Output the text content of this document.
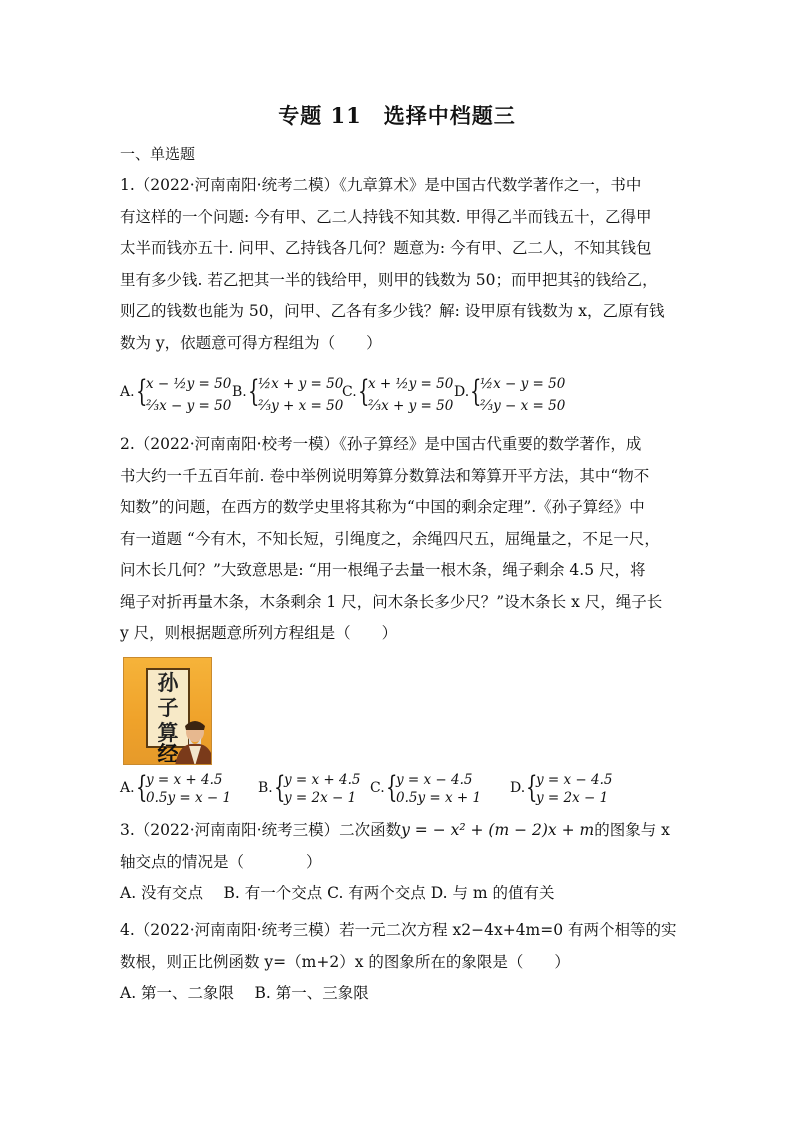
专题 11　选择中档题三
一、单选题
1.（2022·河南南阳·统考二模）《九章算术》是中国古代数学著作之一，书中
有这样的一个问题: 今有甲、乙二人持钱不知其数. 甲得乙半而钱五十，乙得甲
太半而钱亦五十. 问甲、乙持钱各几何？题意为: 今有甲、乙二人，不知其钱包
里有多少钱. 若乙把其一半的钱给甲，则甲的钱数为 50；而甲把其 $\frac{2}{3}$ 的钱给乙，
则乙的钱数也能为 50，问甲、乙各有多少钱？解: 设甲原有钱数为 x，乙原有钱
数为 y，依题意可得方程组为（　　）
A. {
x − ½y = 50
⅔x − y = 50
B. {
½x + y = 50
⅔y + x = 50
C. {
x + ½y = 50
⅔x + y = 50
D. {
½x − y = 50
⅔y − x = 50
2.（2022·河南南阳·校考一模）《孙子算经》是中国古代重要的数学著作，成
书大约一千五百年前. 卷中举例说明筹算分数算法和筹算开平方法，其中“物不
知数”的问题，在西方的数学史里将其称为“中国的剩余定理”.《孙子算经》中
有一道题 “今有木，不知长短，引绳度之，余绳四尺五，屈绳量之，不足一尺，
问木长几何？”大致意思是: “用一根绳子去量一根木条，绳子剩余 4.5 尺，将
绳子对折再量木条，木条剩余 1 尺，问木条长多少尺？”设木条长 x 尺，绳子长
y 尺，则根据题意所列方程组是（　　）
孙
子
算
经
A. {
y = x + 4.5
0.5y = x − 1
B. {
y = x + 4.5
y = 2x − 1
C. {
y = x − 4.5
0.5y = x + 1
D. {
y = x − 4.5
y = 2x − 1
3.（2022·河南南阳·统考三模）二次函数y = − x² + (m − 2)x + m的图象与 x
轴交点的情况是（　　　　）
A. 没有交点　 B. 有一个交点 C. 有两个交点 D. 与 m 的值有关
4.（2022·河南南阳·统考三模）若一元二次方程 x2−4x+4m=0 有两个相等的实
数根，则正比例函数 y=（m+2）x 的图象所在的象限是（　　）
A. 第一、二象限　 B. 第一、三象限
